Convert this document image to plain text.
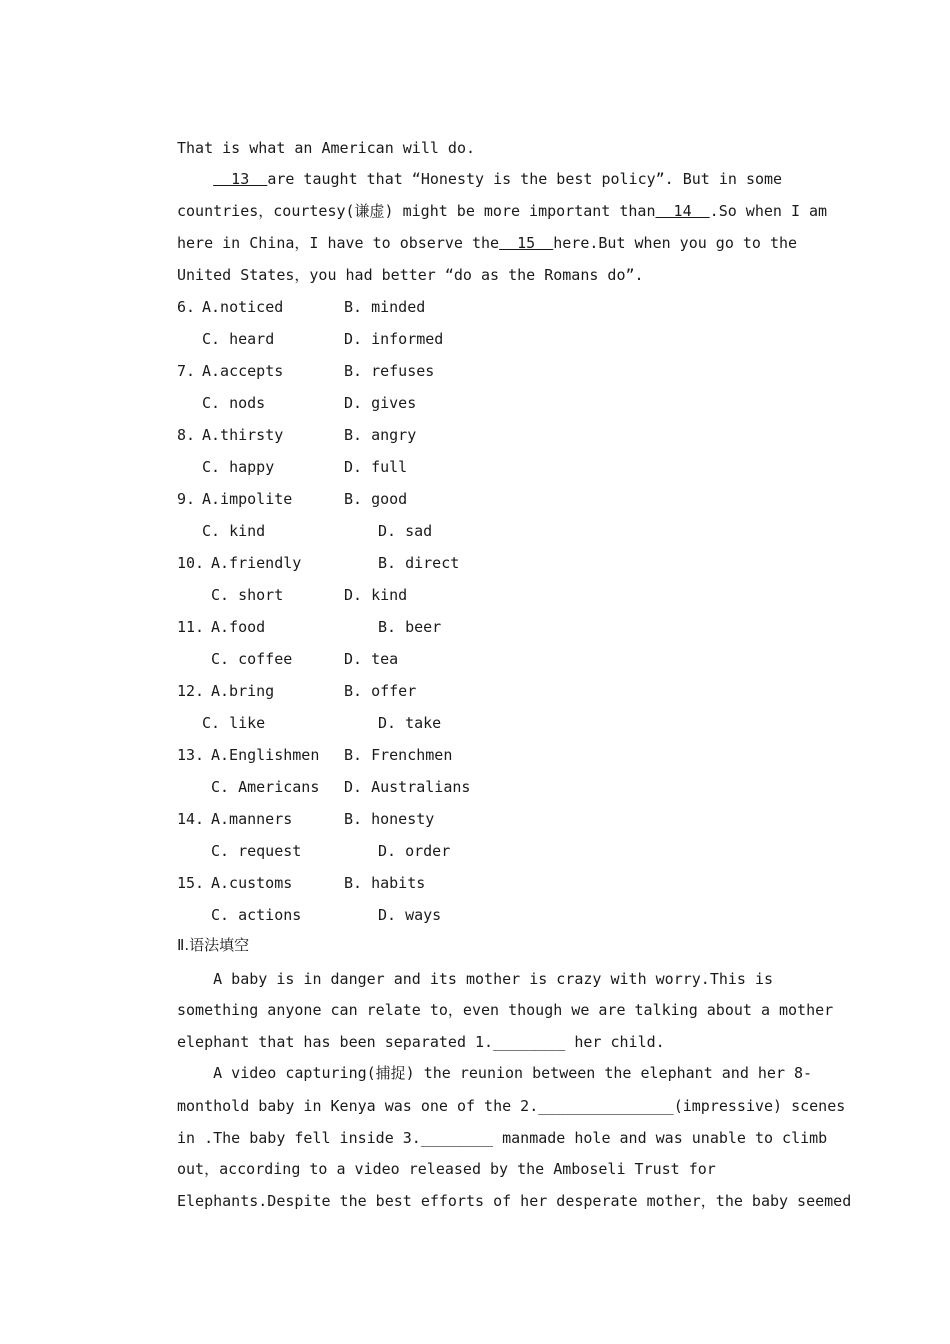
That is what an American will do.
13  are taught that “Honesty is the best policy”. But in some
countries，courtesy(谦虚) might be more important than  14  .So when I am
here in China，I have to observe the  15  here.But when you go to the
United States，you had better “do as the Romans do”.
6. A.noticed	B. minded
C. heard	D. informed
7. A.accepts	B. refuses
C. nods	D. gives
8. A.thirsty	B. angry
C. happy	D. full
9. A.impolite	B. good
C. kind	D. sad
10. A.friendly	B. direct
C. short	D. kind
11. A.food	B. beer
C. coffee	D. tea
12. A.bring	B. offer
C. like	D. take
13. A.Englishmen B. Frenchmen
C. Americans D. Australians
14. A.manners	B. honesty
C. request	D. order
15. A.customs	B. habits
C. actions	D. ways
Ⅱ.语法填空
A baby is in danger and its mother is crazy with worry.This is
something anyone can relate to，even though we are talking about a mother
elephant that has been separated 1.________ her child.
A video capturing(捕捉) the reunion between the elephant and her 8-
monthold baby in Kenya was one of the 2._______________(impressive) scenes
in .The baby fell inside 3.________ manmade hole and was unable to climb
out，according to a video released by the Amboseli Trust for
Elephants.Despite the best efforts of her desperate mother，the baby seemed
